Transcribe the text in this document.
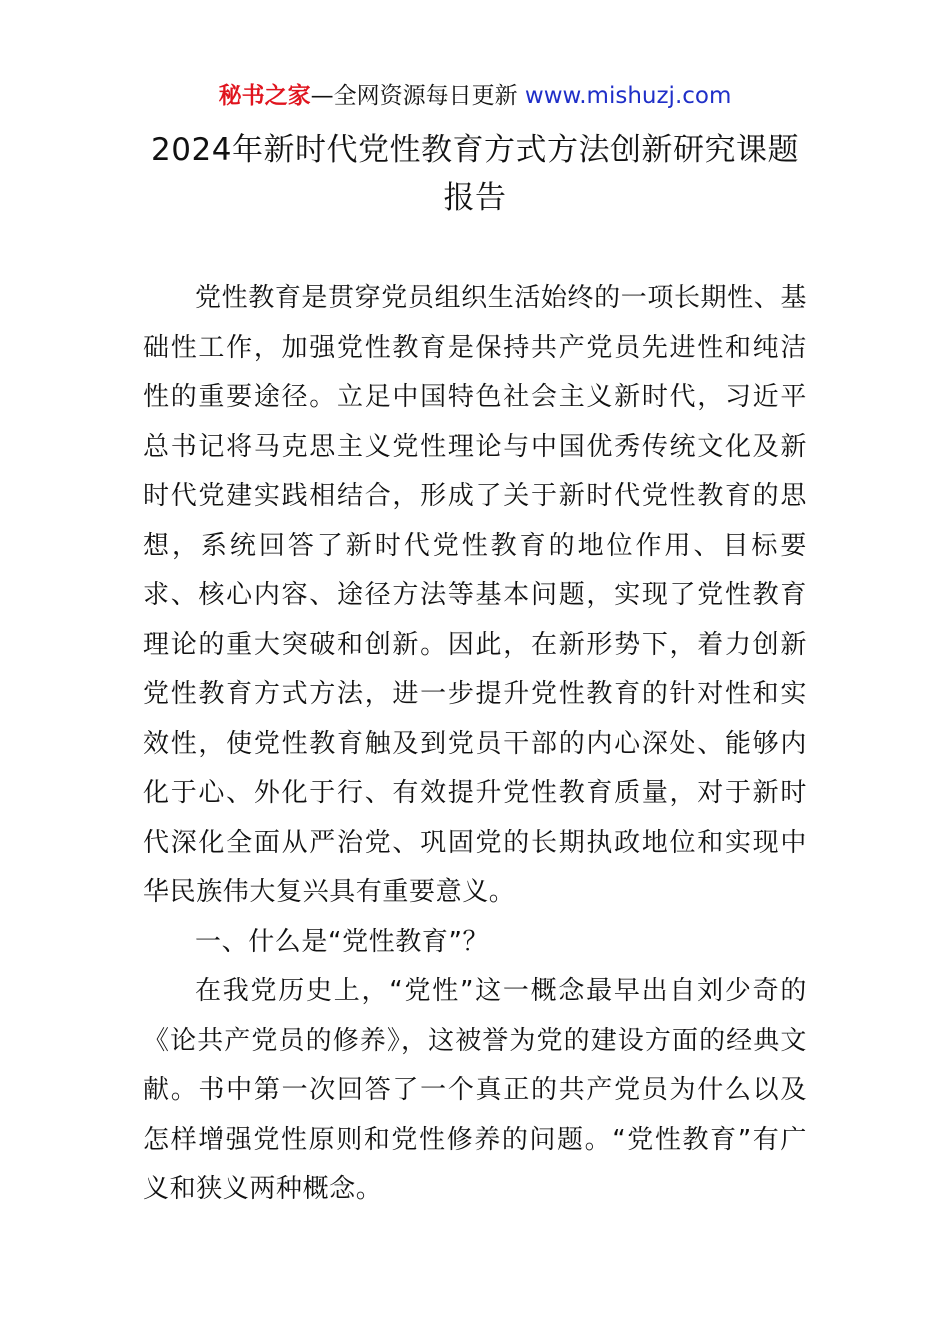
秘书之家—全网资源每日更新 www.mishuzj.com
2024年新时代党性教育方式方法创新研究课题
报告

党性教育是贯穿党员组织生活始终的一项长期性、基础性工作，加强党性教育是保持共产党员先进性和纯洁性的重要途径。立足中国特色社会主义新时代，习近平总书记将马克思主义党性理论与中国优秀传统文化及新时代党建实践相结合，形成了关于新时代党性教育的思想，系统回答了新时代党性教育的地位作用、目标要求、核心内容、途径方法等基本问题，实现了党性教育理论的重大突破和创新。因此，在新形势下，着力创新党性教育方式方法，进一步提升党性教育的针对性和实效性，使党性教育触及到党员干部的内心深处、能够内化于心、外化于行、有效提升党性教育质量，对于新时代深化全面从严治党、巩固党的长期执政地位和实现中华民族伟大复兴具有重要意义。

一、什么是“党性教育”？

在我党历史上，“党性”这一概念最早出自刘少奇的《论共产党员的修养》，这被誉为党的建设方面的经典文献。书中第一次回答了一个真正的共产党员为什么以及怎样增强党性原则和党性修养的问题。“党性教育”有广义和狭义两种概念。
